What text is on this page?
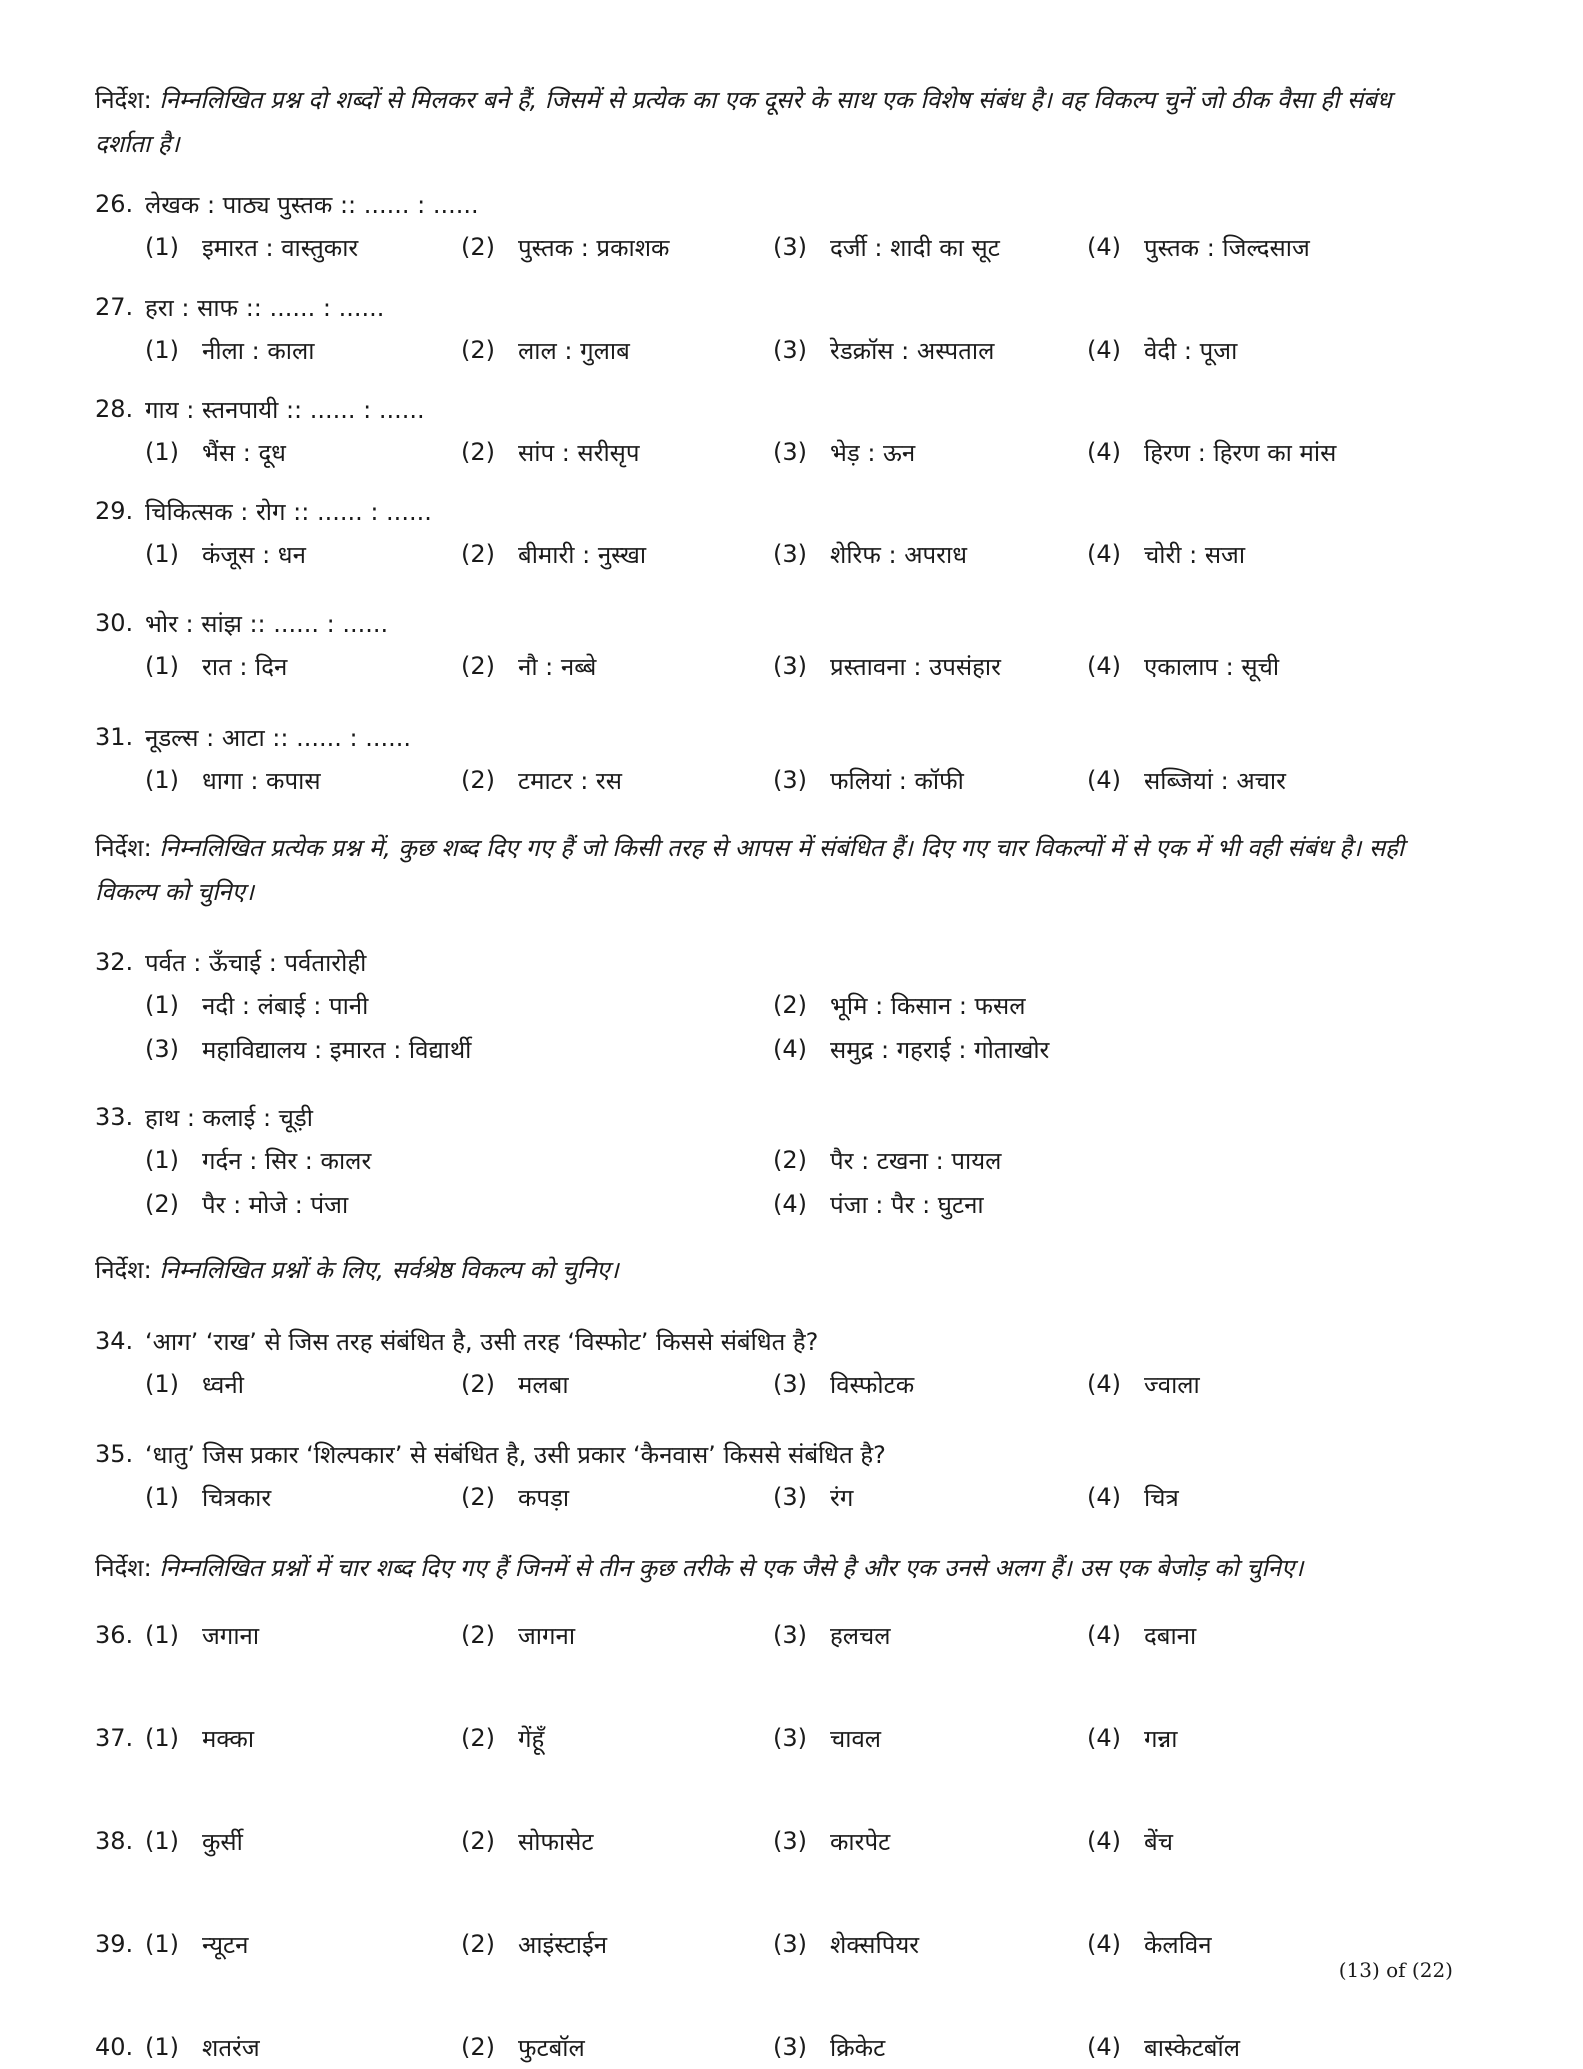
निर्देश: निम्नलिखित प्रश्न दो शब्दों से मिलकर बने हैं, जिसमें से प्रत्येक का एक दूसरे के साथ एक विशेष संबंध है। वह विकल्प चुनें जो ठीक वैसा ही संबंध दर्शाता है।
26. लेखक : पाठ्य पुस्तक :: ...... : ......
(1) इमारत : वास्तुकार	(2) पुस्तक : प्रकाशक	(3) दर्जी : शादी का सूट	(4) पुस्तक : जिल्दसाज
27. हरा : साफ :: ...... : ......
(1) नीला : काला	(2) लाल : गुलाब	(3) रेडक्रॉस : अस्पताल	(4) वेदी : पूजा
28. गाय : स्तनपायी :: ...... : ......
(1) भैंस : दूध	(2) सांप : सरीसृप	(3) भेड़ : ऊन	(4) हिरण : हिरण का मांस
29. चिकित्सक : रोग :: ...... : ......
(1) कंजूस : धन	(2) बीमारी : नुस्खा	(3) शेरिफ : अपराध	(4) चोरी : सजा
30. भोर : सांझ :: ...... : ......
(1) रात : दिन	(2) नौ : नब्बे	(3) प्रस्तावना : उपसंहार	(4) एकालाप : सूची
31. नूडल्स : आटा :: ...... : ......
(1) धागा : कपास	(2) टमाटर : रस	(3) फलियां : कॉफी	(4) सब्जियां : अचार
निर्देश: निम्नलिखित प्रत्येक प्रश्न में, कुछ शब्द दिए गए हैं जो किसी तरह से आपस में संबंधित हैं। दिए गए चार विकल्पों में से एक में भी वही संबंध है। सही विकल्प को चुनिए।
32. पर्वत : ऊँचाई : पर्वतारोही
(1) नदी : लंबाई : पानी	(2) भूमि : किसान : फसल
(3) महाविद्यालय : इमारत : विद्यार्थी	(4) समुद्र : गहराई : गोताखोर
33. हाथ : कलाई : चूड़ी
(1) गर्दन : सिर : कालर	(2) पैर : टखना : पायल
(2) पैर : मोजे : पंजा	(4) पंजा : पैर : घुटना
निर्देश: निम्नलिखित प्रश्नों के लिए, सर्वश्रेष्ठ विकल्प को चुनिए।
34. ‘आग’ ‘राख’ से जिस तरह संबंधित है, उसी तरह ‘विस्फोट’ किससे संबंधित है?
(1) ध्वनी	(2) मलबा	(3) विस्फोटक	(4) ज्वाला
35. ‘धातु’ जिस प्रकार ‘शिल्पकार’ से संबंधित है, उसी प्रकार ‘कैनवास’ किससे संबंधित है?
(1) चित्रकार	(2) कपड़ा	(3) रंग	(4) चित्र
निर्देश: निम्नलिखित प्रश्नों में चार शब्द दिए गए हैं जिनमें से तीन कुछ तरीके से एक जैसे है और एक उनसे अलग हैं। उस एक बेजोड़ को चुनिए।
36. (1) जगाना	(2) जागना	(3) हलचल	(4) दबाना
37. (1) मक्का	(2) गेंहूँ	(3) चावल	(4) गन्ना
38. (1) कुर्सी	(2) सोफासेट	(3) कारपेट	(4) बेंच
39. (1) न्यूटन	(2) आइंस्टाईन	(3) शेक्सपियर	(4) केलविन
40. (1) शतरंज	(2) फुटबॉल	(3) क्रिकेट	(4) बास्केटबॉल
(13) of (22)
